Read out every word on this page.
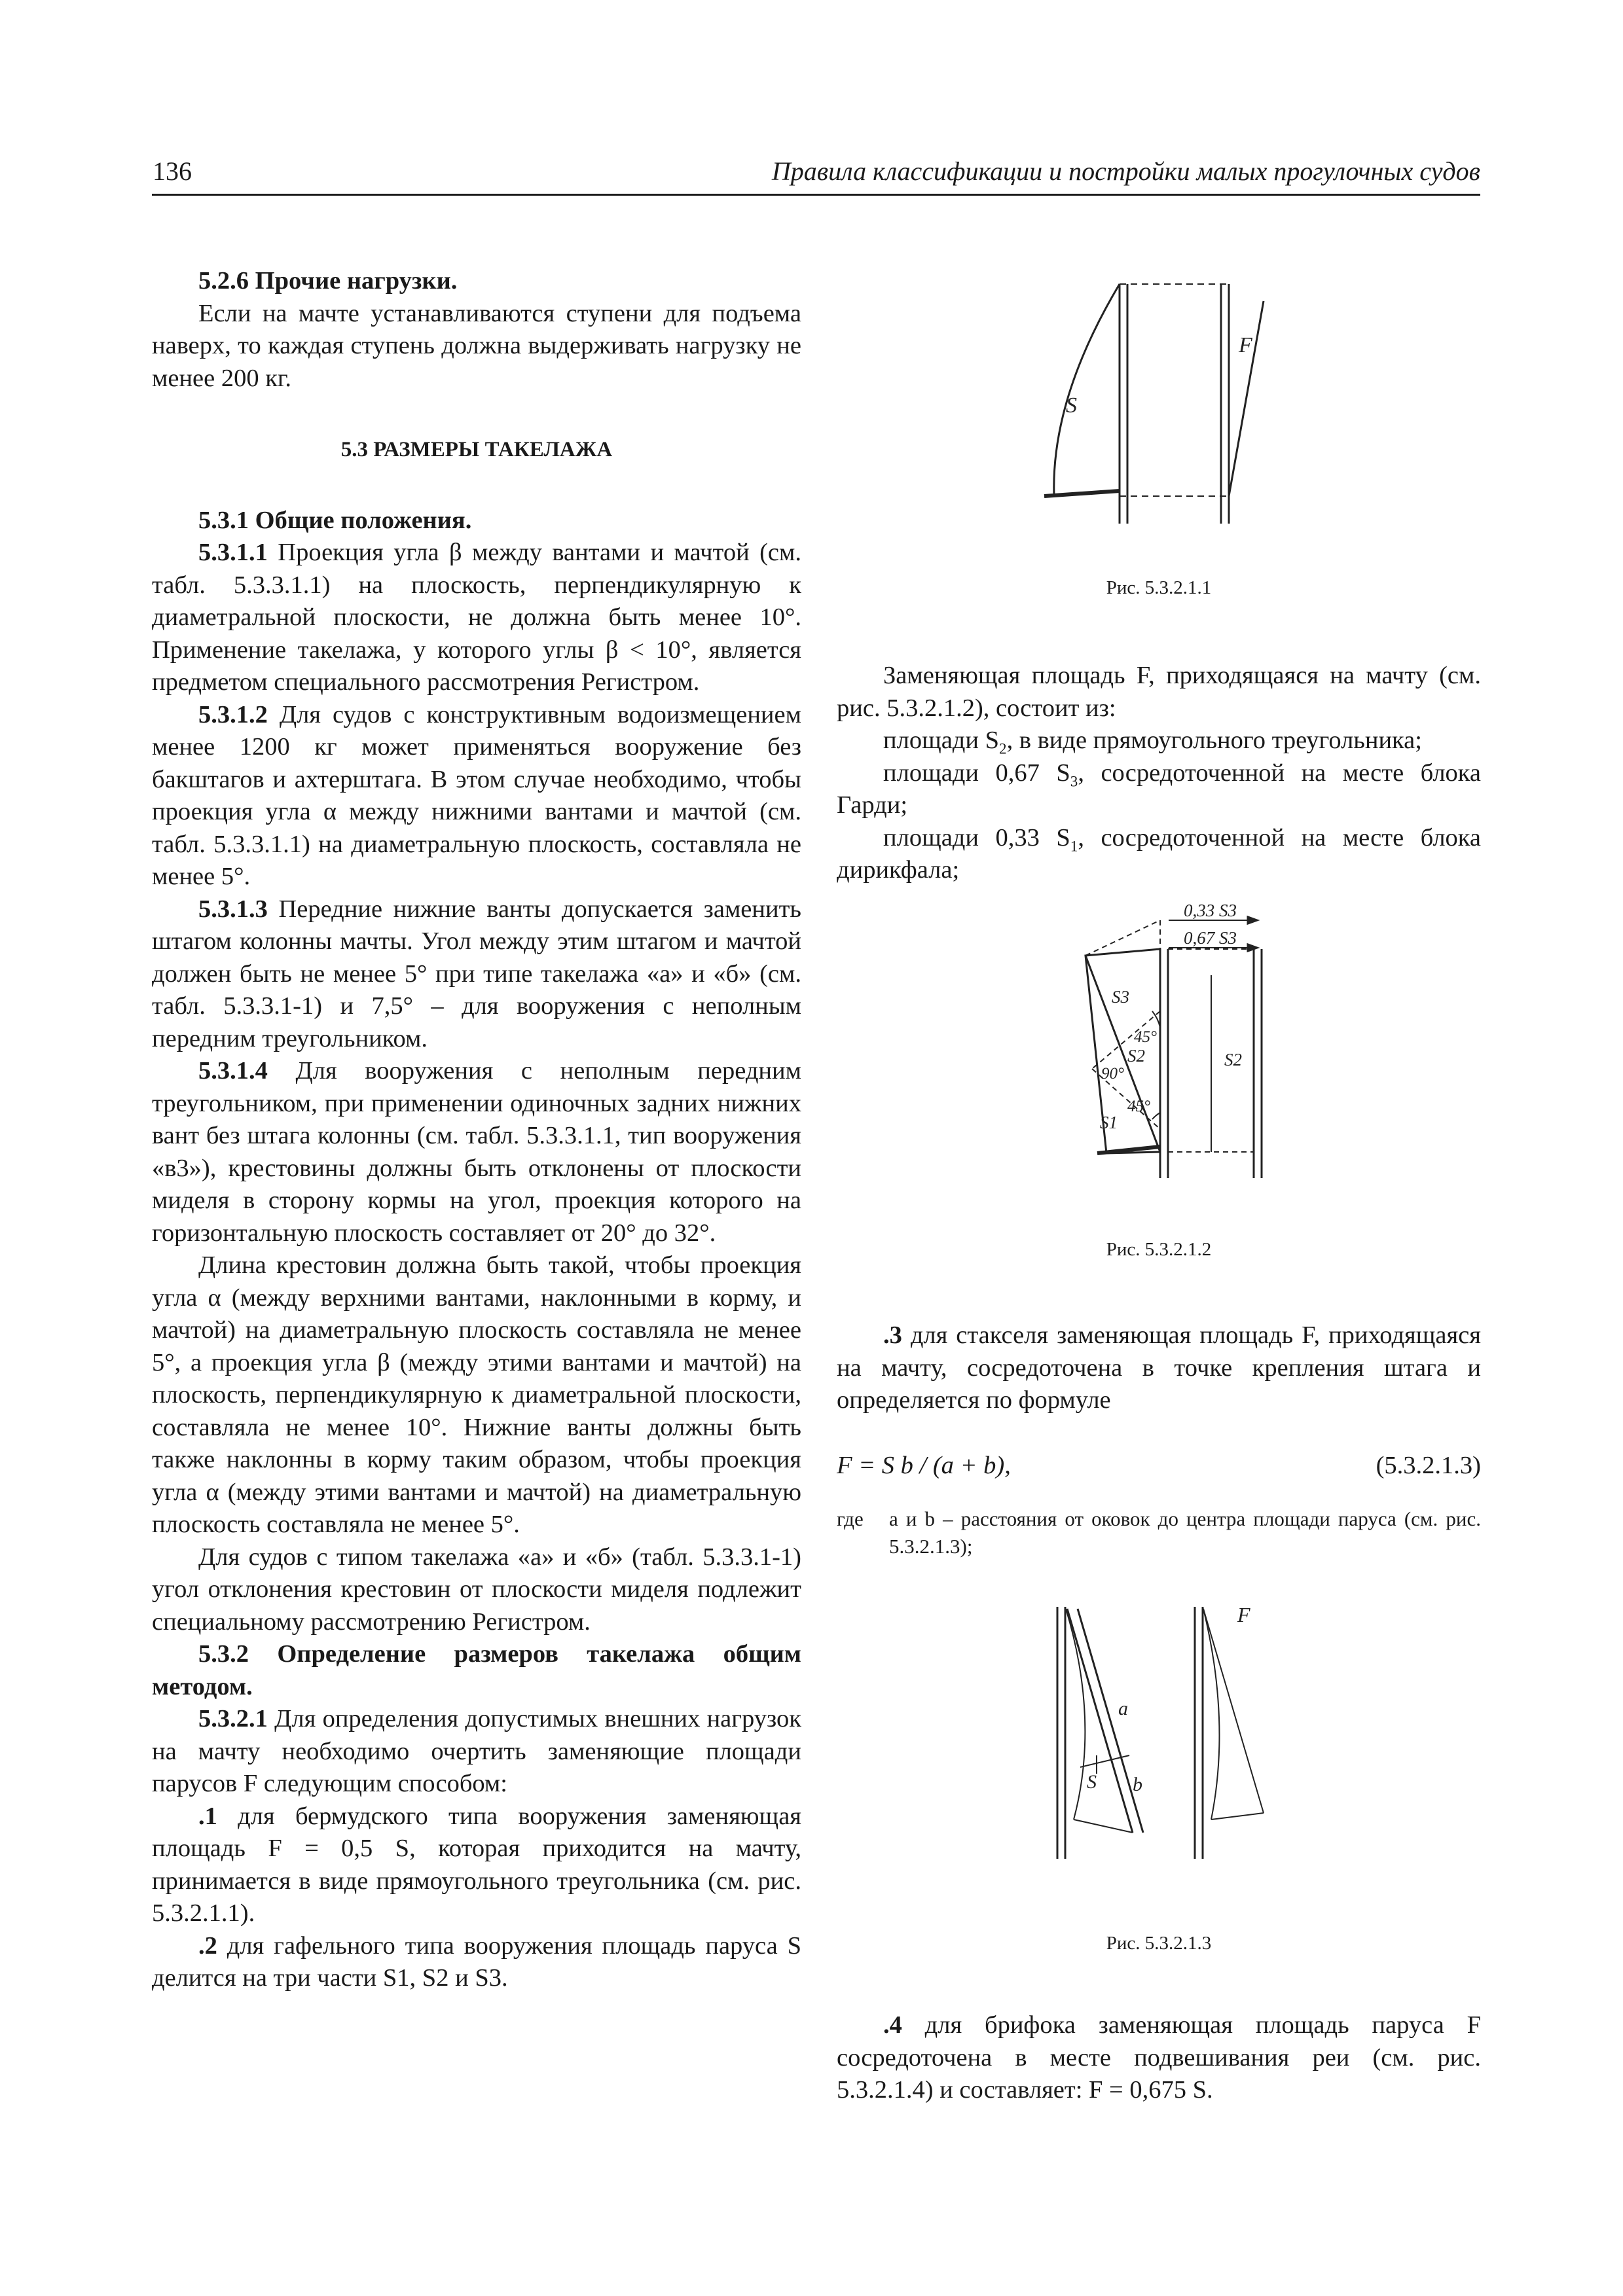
136	Правила классификации и постройки малых прогулочных судов

5.2.6 Прочие нагрузки.

Если на мачте устанавливаются ступени для подъема наверх, то каждая ступень должна выдерживать нагрузку не менее 200 кг.

5.3 РАЗМЕРЫ ТАКЕЛАЖА

5.3.1 Общие положения.

5.3.1.1 Проекция угла β между вантами и мачтой (см. табл. 5.3.3.1.1) на плоскость, перпендикулярную к диаметральной плоскости, не должна быть менее 10°. Применение такелажа, у которого углы β < 10°, является предметом специального рассмотрения Регистром.

5.3.1.2 Для судов с конструктивным водоизмещением менее 1200 кг может применяться вооружение без бакштагов и ахтерштага. В этом случае необходимо, чтобы проекция угла α между нижними вантами и мачтой (см. табл. 5.3.3.1.1) на диаметральную плоскость, составляла не менее 5°.

5.3.1.3 Передние нижние ванты допускается заменить штагом колонны мачты. Угол между этим штагом и мачтой должен быть не менее 5° при типе такелажа «а» и «б» (см. табл. 5.3.3.1-1) и 7,5° – для вооружения с неполным передним треугольником.

5.3.1.4 Для вооружения с неполным передним треугольником, при применении одиночных задних нижних вант без штага колонны (см. табл. 5.3.3.1.1, тип вооружения «в3»), крестовины должны быть отклонены от плоскости миделя в сторону кормы на угол, проекция которого на горизонтальную плоскость составляет от 20° до 32°.

Длина крестовин должна быть такой, чтобы проекция угла α (между верхними вантами, наклонными в корму, и мачтой) на диаметральную плоскость составляла не менее 5°, а проекция угла β (между этими вантами и мачтой) на плоскость, перпендикулярную к диаметральной плоскости, составляла не менее 10°. Нижние ванты должны быть также наклонны в корму таким образом, чтобы проекция угла α (между этими вантами и мачтой) на диаметральную плоскость составляла не менее 5°.

Для судов с типом такелажа «а» и «б» (табл. 5.3.3.1-1) угол отклонения крестовин от плоскости миделя подлежит специальному рассмотрению Регистром.

5.3.2 Определение размеров такелажа общим методом.

5.3.2.1 Для определения допустимых внешних нагрузок на мачту необходимо очертить заменяющие площади парусов F следующим способом:

.1 для бермудского типа вооружения заменяющая площадь F = 0,5 S, которая приходится на мачту, принимается в виде прямоугольного треугольника (см. рис. 5.3.2.1.1).

.2 для гафельного типа вооружения площадь паруса S делится на три части S1, S2 и S3.

S
F
Рис. 5.3.2.1.1

Заменяющая площадь F, приходящаяся на мачту (см. рис. 5.3.2.1.2), состоит из:

площади $S_2$, в виде прямоугольного треугольника;

площади 0,67 $S_3$, сосредоточенной на месте блока Гарди;

площади 0,33 $S_1$, сосредоточенной на месте блока дирикфала;

0,33 S3
0,67 S3
S3
45°
S2
90°
45°
S1
S2
Рис. 5.3.2.1.2

.3 для стакселя заменяющая площадь F, приходящаяся на мачту, сосредоточена в точке крепления штага и определяется по формуле

F = S b / (a + b),	(5.3.2.1.3)
где	a и b – расстояния от оковок до центра площади паруса (см. рис. 5.3.2.1.3);
a
S b
F
Рис. 5.3.2.1.3

.4 для брифока заменяющая площадь паруса F сосредоточена в месте подвешивания реи (см. рис. 5.3.2.1.4) и составляет: F = 0,675 S.
